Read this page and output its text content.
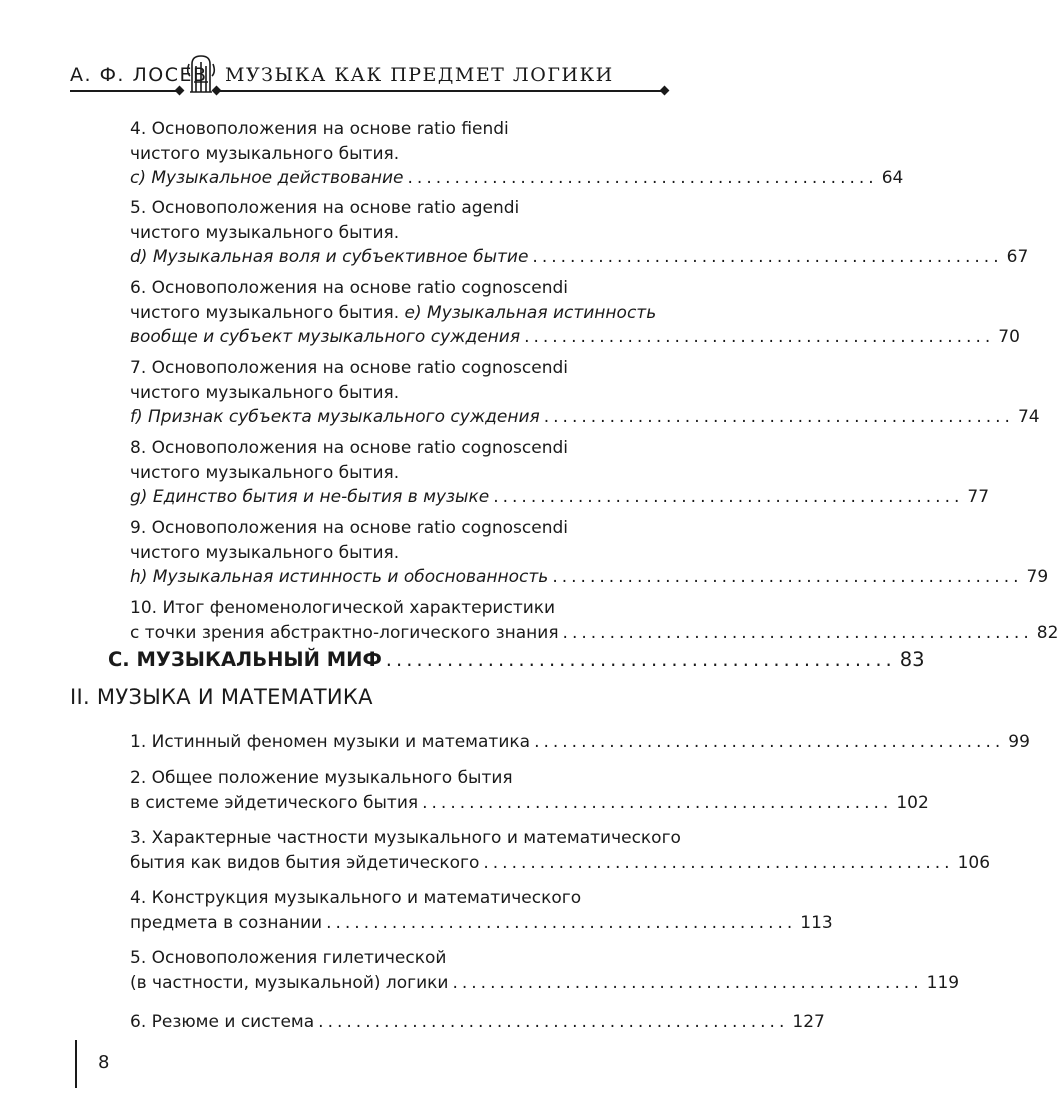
А. Ф. ЛОСЕВ МУЗЫКА КАК ПРЕДМЕТ ЛОГИКИ
4. Основоположения на основе ratio fiendi
чистого музыкального бытия.
c) Музыкальное действование .................................................. 64
5. Основоположения на основе ratio agendi
чистого музыкального бытия.
d) Музыкальная воля и субъективное бытие .................................................. 67
6. Основоположения на основе ratio cognoscendi
чистого музыкального бытия. e) Музыкальная истинность
вообще и субъект музыкального суждения .................................................. 70
7. Основоположения на основе ratio cognoscendi
чистого музыкального бытия.
f) Признак субъекта музыкального суждения .................................................. 74
8. Основоположения на основе ratio cognoscendi
чистого музыкального бытия.
g) Единство бытия и не-бытия в музыке .................................................. 77
9. Основоположения на основе ratio cognoscendi
чистого музыкального бытия.
h) Музыкальная истинность и обоснованность .................................................. 79
10. Итог феноменологической характеристики
с точки зрения абстрактно-логического знания .................................................. 82
С. МУЗЫКАЛЬНЫЙ МИФ .................................................. 83
II. МУЗЫКА И МАТЕМАТИКА
1. Истинный феномен музыки и математика .................................................. 99
2. Общее положение музыкального бытия
в системе эйдетического бытия .................................................. 102
3. Характерные частности музыкального и математического
бытия как видов бытия эйдетического .................................................. 106
4. Конструкция музыкального и математического
предмета в сознании .................................................. 113
5. Основоположения гилетической
(в частности, музыкальной) логики .................................................. 119
6. Резюме и система .................................................. 127
8
